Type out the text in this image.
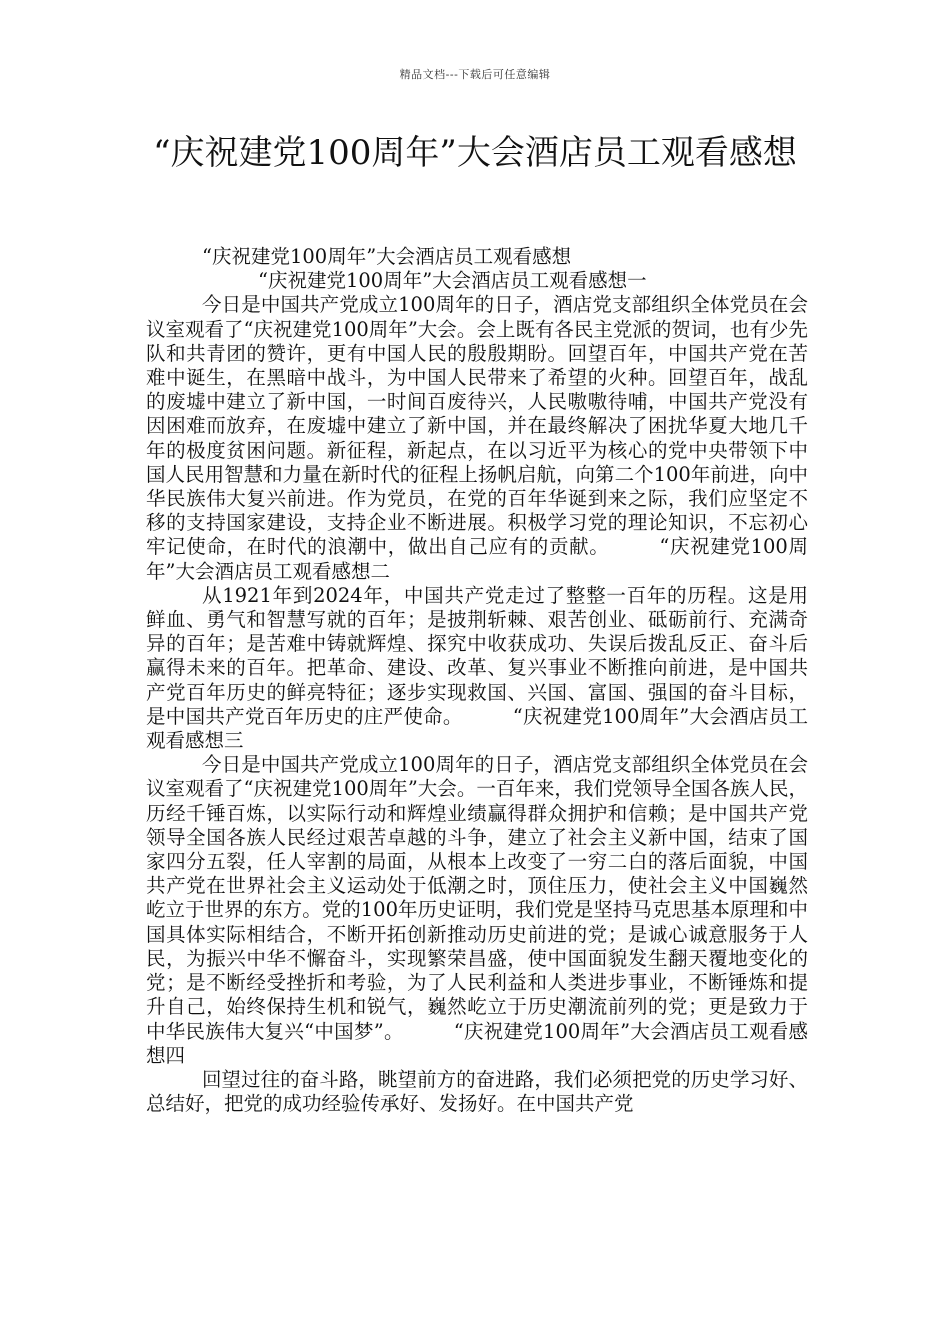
精品文档---下载后可任意编辑
“庆祝建党100周年”大会酒店员工观看感想

“庆祝建党100周年”大会酒店员工观看感想

“庆祝建党100周年”大会酒店员工观看感想一

今日是中国共产党成立100周年的日子，酒店党支部组织全体党员在会议室观看了“庆祝建党100周年”大会。会上既有各民主党派的贺词，也有少先队和共青团的赞许，更有中国人民的殷殷期盼。回望百年，中国共产党在苦难中诞生，在黑暗中战斗，为中国人民带来了希望的火种。回望百年，战乱的废墟中建立了新中国，一时间百废待兴，人民嗷嗷待哺，中国共产党没有因困难而放弃，在废墟中建立了新中国，并在最终解决了困扰华夏大地几千年的极度贫困问题。新征程，新起点，在以习近平为核心的党中央带领下中国人民用智慧和力量在新时代的征程上扬帆启航，向第二个100年前进，向中华民族伟大复兴前进。作为党员，在党的百年华诞到来之际，我们应坚定不移的支持国家建设，支持企业不断进展。积极学习党的理论知识，不忘初心牢记使命，在时代的浪潮中，做出自己应有的贡献。	“庆祝建党100周年”大会酒店员工观看感想二

从1921年到2024年，中国共产党走过了整整一百年的历程。这是用鲜血、勇气和智慧写就的百年；是披荆斩棘、艰苦创业、砥砺前行、充满奇异的百年；是苦难中铸就辉煌、探究中收获成功、失误后拨乱反正、奋斗后赢得未来的百年。把革命、建设、改革、复兴事业不断推向前进，是中国共产党百年历史的鲜亮特征；逐步实现救国、兴国、富国、强国的奋斗目标，是中国共产党百年历史的庄严使命。	“庆祝建党100周年”大会酒店员工观看感想三

今日是中国共产党成立100周年的日子，酒店党支部组织全体党员在会议室观看了“庆祝建党100周年”大会。一百年来，我们党领导全国各族人民，历经千锤百炼，以实际行动和辉煌业绩赢得群众拥护和信赖；是中国共产党领导全国各族人民经过艰苦卓越的斗争，建立了社会主义新中国，结束了国家四分五裂，任人宰割的局面，从根本上改变了一穷二白的落后面貌，中国共产党在世界社会主义运动处于低潮之时，顶住压力，使社会主义中国巍然屹立于世界的东方。党的100年历史证明，我们党是坚持马克思基本原理和中国具体实际相结合，不断开拓创新推动历史前进的党；是诚心诚意服务于人民，为振兴中华不懈奋斗，实现繁荣昌盛，使中国面貌发生翻天覆地变化的党；是不断经受挫折和考验，为了人民利益和人类进步事业，不断锤炼和提升自己，始终保持生机和锐气，巍然屹立于历史潮流前列的党；更是致力于中华民族伟大复兴“中国梦”。	“庆祝建党100周年”大会酒店员工观看感想四

回望过往的奋斗路，眺望前方的奋进路，我们必须把党的历史学习好、总结好，把党的成功经验传承好、发扬好。在中国共产党
